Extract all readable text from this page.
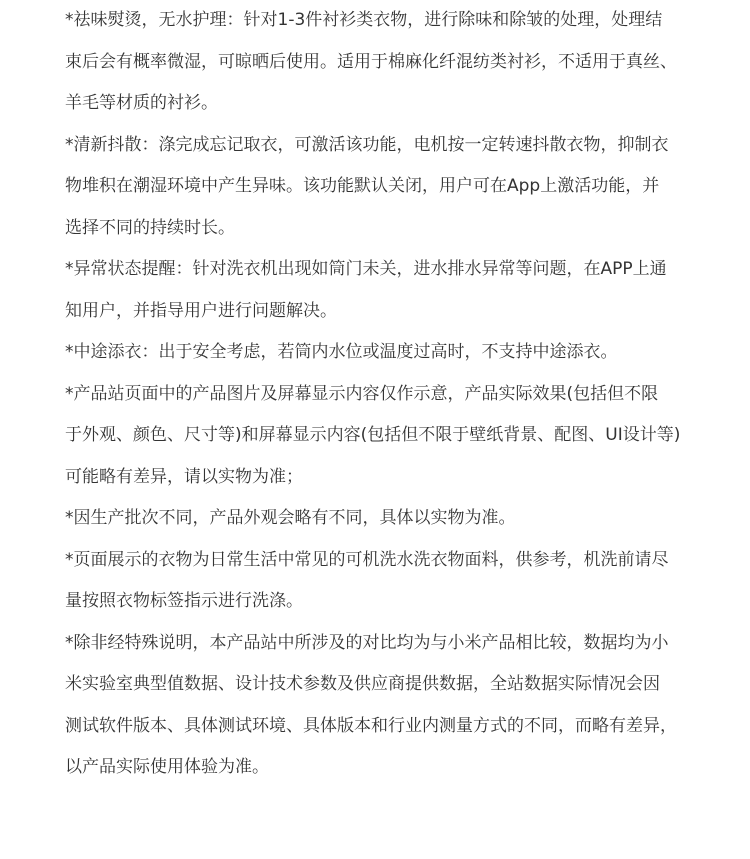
*祛味熨烫，无水护理：针对1-3件衬衫类衣物，进行除味和除皱的处理，处理结
束后会有概率微湿，可晾晒后使用。适用于棉麻化纤混纺类衬衫，不适用于真丝、
羊毛等材质的衬衫。
*清新抖散：涤完成忘记取衣，可激活该功能，电机按一定转速抖散衣物，抑制衣
物堆积在潮湿环境中产生异味。该功能默认关闭，用户可在App上激活功能，并
选择不同的持续时长。
*异常状态提醒：针对洗衣机出现如筒门未关，进水排水异常等问题，在APP上通
知用户，并指导用户进行问题解决。
*中途添衣：出于安全考虑，若筒内水位或温度过高时，不支持中途添衣。
*产品站页面中的产品图片及屏幕显示内容仅作示意，产品实际效果(包括但不限
于外观、颜色、尺寸等)和屏幕显示内容(包括但不限于壁纸背景、配图、UI设计等)
可能略有差异，请以实物为准；
*因生产批次不同，产品外观会略有不同，具体以实物为准。
*页面展示的衣物为日常生活中常见的可机洗水洗衣物面料，供参考，机洗前请尽
量按照衣物标签指示进行洗涤。
*除非经特殊说明，本产品站中所涉及的对比均为与小米产品相比较，数据均为小
米实验室典型值数据、设计技术参数及供应商提供数据，全站数据实际情况会因
测试软件版本、具体测试环境、具体版本和行业内测量方式的不同，而略有差异，
以产品实际使用体验为准。
